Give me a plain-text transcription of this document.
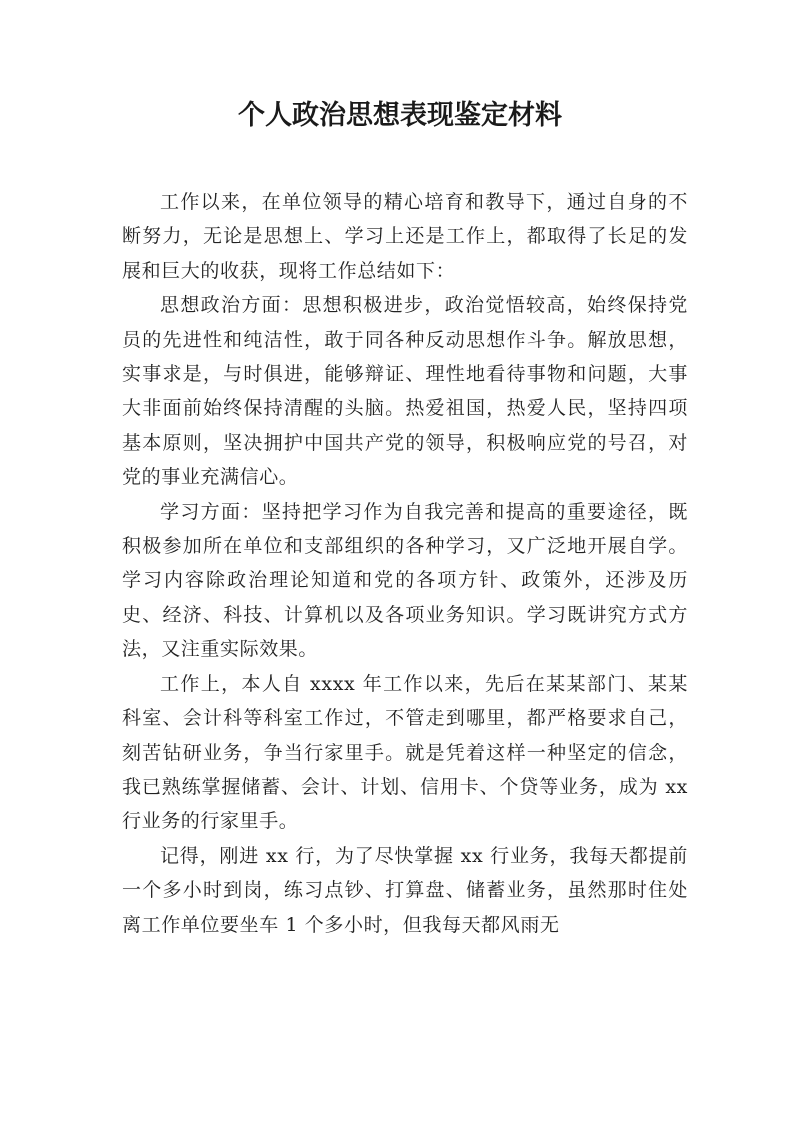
个人政治思想表现鉴定材料

工作以来，在单位领导的精心培育和教导下，通过自身的不断努力，无论是思想上、学习上还是工作上，都取得了长足的发展和巨大的收获，现将工作总结如下：

思想政治方面：思想积极进步，政治觉悟较高，始终保持党员的先进性和纯洁性，敢于同各种反动思想作斗争。解放思想，实事求是，与时俱进，能够辩证、理性地看待事物和问题，大事大非面前始终保持清醒的头脑。热爱祖国，热爱人民，坚持四项基本原则，坚决拥护中国共产党的领导，积极响应党的号召，对党的事业充满信心。

学习方面：坚持把学习作为自我完善和提高的重要途径，既积极参加所在单位和支部组织的各种学习，又广泛地开展自学。学习内容除政治理论知道和党的各项方针、政策外，还涉及历史、经济、科技、计算机以及各项业务知识。学习既讲究方式方法，又注重实际效果。

工作上，本人自 xxxx 年工作以来，先后在某某部门、某某科室、会计科等科室工作过，不管走到哪里，都严格要求自己，刻苦钻研业务，争当行家里手。就是凭着这样一种坚定的信念，我已熟练掌握储蓄、会计、计划、信用卡、个贷等业务，成为 xx 行业务的行家里手。

记得，刚进 xx 行，为了尽快掌握 xx 行业务，我每天都提前一个多小时到岗，练习点钞、打算盘、储蓄业务，虽然那时住处离工作单位要坐车 1 个多小时，但我每天都风雨无
